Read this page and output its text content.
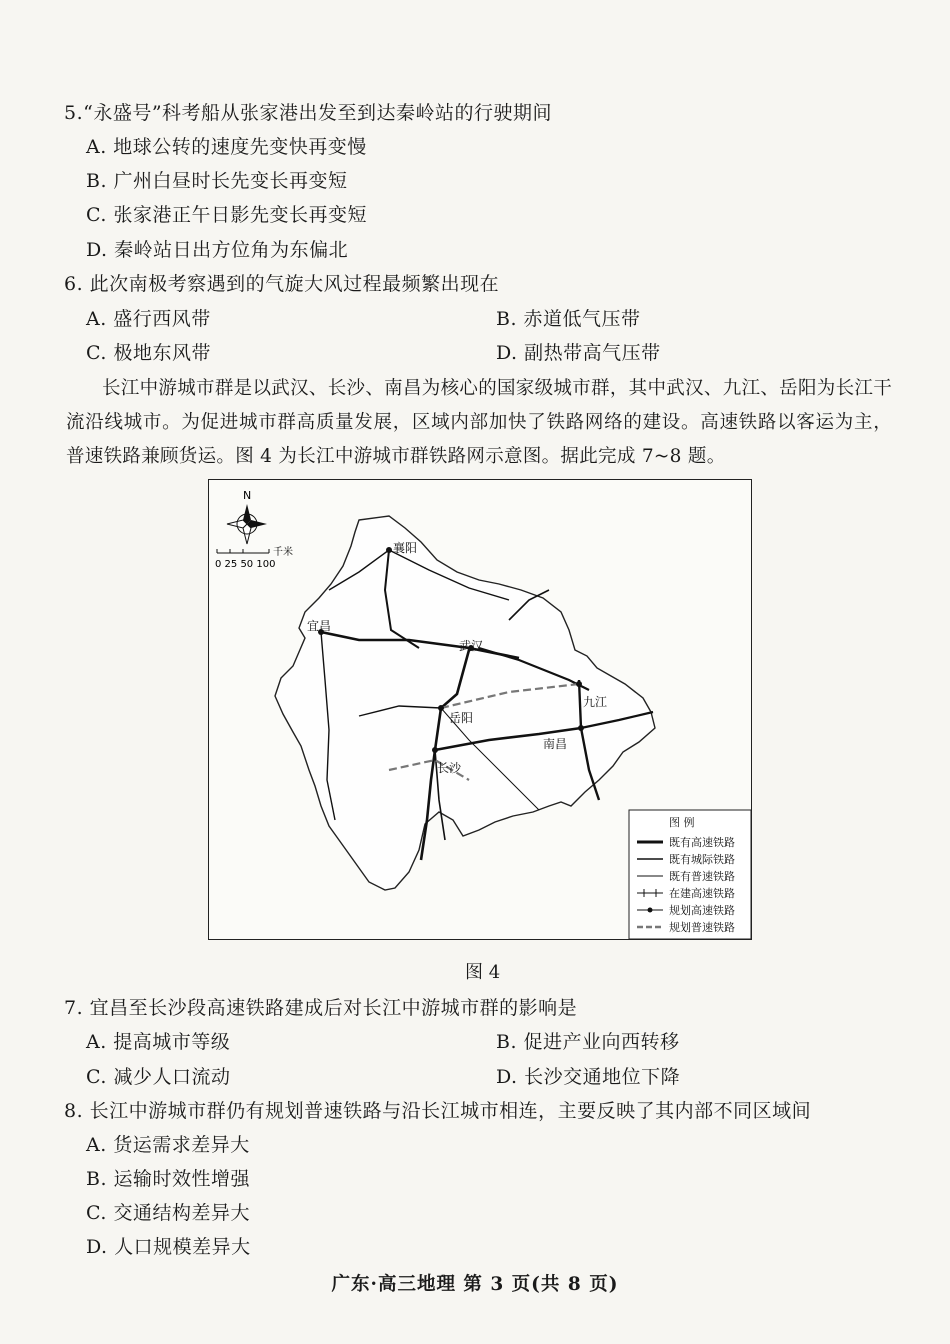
5.“永盛号”科考船从张家港出发至到达秦岭站的行驶期间
A. 地球公转的速度先变快再变慢
B. 广州白昼时长先变长再变短
C. 张家港正午日影先变长再变短
D. 秦岭站日出方位角为东偏北
6. 此次南极考察遇到的气旋大风过程最频繁出现在
A. 盛行西风带	B. 赤道低气压带
C. 极地东风带	D. 副热带高气压带
长江中游城市群是以武汉、长沙、南昌为核心的国家级城市群，其中武汉、九江、岳阳为长江干流沿线城市。为促进城市群高质量发展，区域内部加快了铁路网络的建设。高速铁路以客运为主，普速铁路兼顾货运。图 4 为长江中游城市群铁路网示意图。据此完成 7~8 题。
襄阳
宜昌
武汉
九江
岳阳
南昌
长沙
N
千米
0 25 50 100
图 例
既有高速铁路
既有城际铁路
既有普速铁路
在建高速铁路
规划高速铁路
规划普速铁路
图 4
7. 宜昌至长沙段高速铁路建成后对长江中游城市群的影响是
A. 提高城市等级	B. 促进产业向西转移
C. 减少人口流动	D. 长沙交通地位下降
8. 长江中游城市群仍有规划普速铁路与沿长江城市相连，主要反映了其内部不同区域间
A. 货运需求差异大
B. 运输时效性增强
C. 交通结构差异大
D. 人口规模差异大
广东·高三地理 第 3 页(共 8 页)
